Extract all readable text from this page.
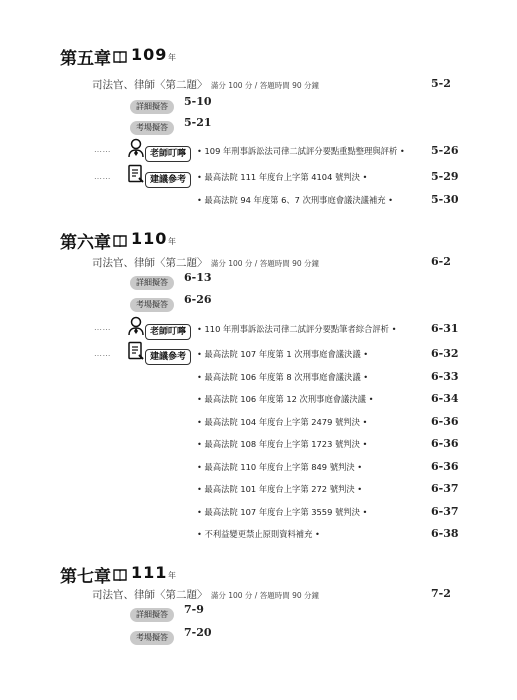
第五章 109 年
司法官、律師〈第二題〉 滿分 100 分 / 答題時間 90 分鐘	5-2
詳細擬答	5-10
考場擬答	5-21
……	老師叮嚀	• 109 年刑事訴訟法司律二試評分要點重點整理與評析 • 5-26
……	建議參考	• 最高法院 111 年度台上字第 4104 號判決 •	5-29
• 最高法院 94 年度第 6、7 次刑事庭會議決議補充 •	5-30
第六章 110 年
司法官、律師〈第二題〉 滿分 100 分 / 答題時間 90 分鐘	6-2
詳細擬答	6-13
考場擬答	6-26
……	老師叮嚀	• 110 年刑事訴訟法司律二試評分要點筆者綜合評析 •	6-31
……	建議參考	• 最高法院 107 年度第 1 次刑事庭會議決議 •	6-32
• 最高法院 106 年度第 8 次刑事庭會議決議 •	6-33
• 最高法院 106 年度第 12 次刑事庭會議決議 •	6-34
• 最高法院 104 年度台上字第 2479 號判決 •	6-36
• 最高法院 108 年度台上字第 1723 號判決 •	6-36
• 最高法院 110 年度台上字第 849 號判決 •	6-36
• 最高法院 101 年度台上字第 272 號判決 •	6-37
• 最高法院 107 年度台上字第 3559 號判決 •	6-37
• 不利益變更禁止原則資料補充 •	6-38
第七章 111 年
司法官、律師〈第二題〉 滿分 100 分 / 答題時間 90 分鐘	7-2
詳細擬答	7-9
考場擬答	7-20
